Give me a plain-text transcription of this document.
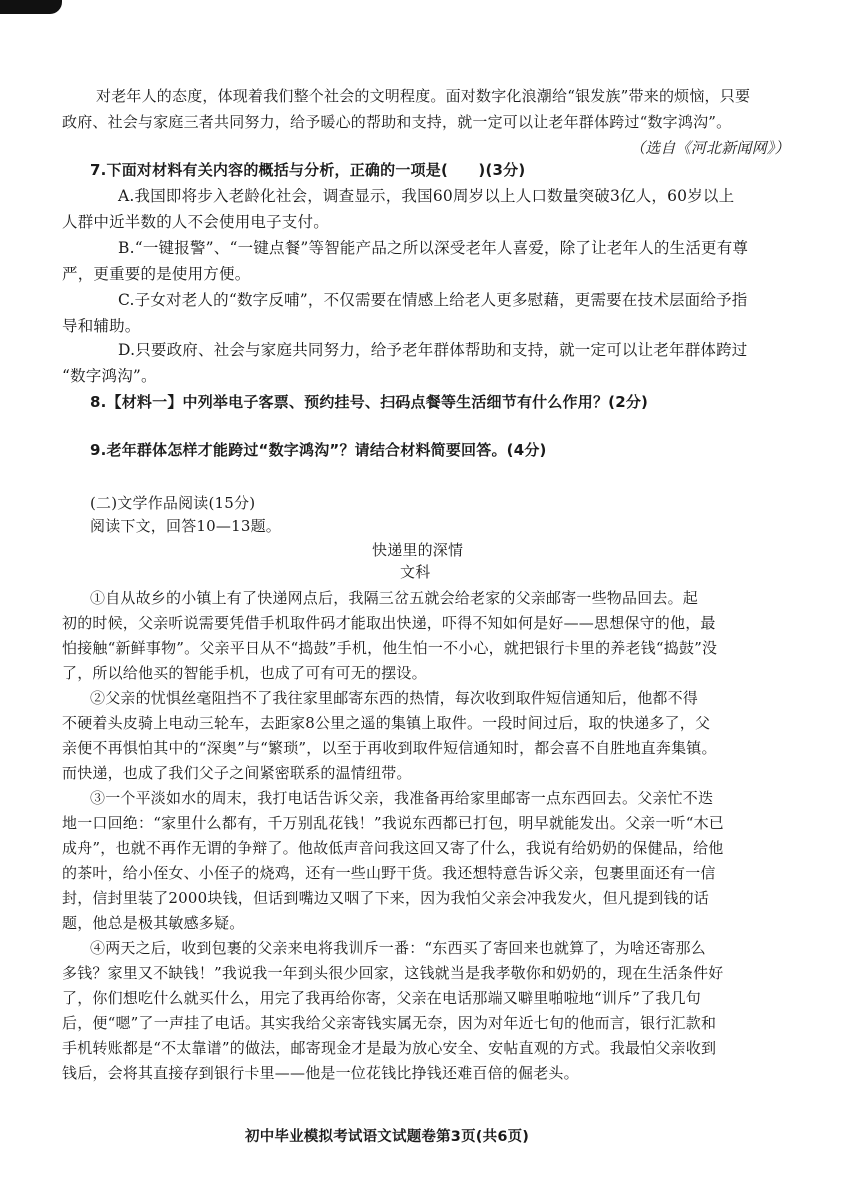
对老年人的态度，体现着我们整个社会的文明程度。面对数字化浪潮给“银发族”带来的烦恼，只要
政府、社会与家庭三者共同努力，给予暖心的帮助和支持，就一定可以让老年群体跨过“数字鸿沟”。
（选自《河北新闻网》）
7.下面对材料有关内容的概括与分析，正确的一项是(　　)(3分)
A.我国即将步入老龄化社会，调查显示，我国60周岁以上人口数量突破3亿人，60岁以上
人群中近半数的人不会使用电子支付。
B.“一键报警”、“一键点餐”等智能产品之所以深受老年人喜爱，除了让老年人的生活更有尊
严，更重要的是使用方便。
C.子女对老人的“数字反哺”，不仅需要在情感上给老人更多慰藉，更需要在技术层面给予指
导和辅助。
D.只要政府、社会与家庭共同努力，给予老年群体帮助和支持，就一定可以让老年群体跨过
“数字鸿沟”。
8.【材料一】中列举电子客票、预约挂号、扫码点餐等生活细节有什么作用？(2分)
9.老年群体怎样才能跨过“数字鸿沟”？请结合材料简要回答。(4分)
(二)文学作品阅读(15分)
阅读下文，回答10—13题。
快递里的深情
文科
①自从故乡的小镇上有了快递网点后，我隔三岔五就会给老家的父亲邮寄一些物品回去。起
初的时候，父亲听说需要凭借手机取件码才能取出快递，吓得不知如何是好——思想保守的他，最
怕接触“新鲜事物”。父亲平日从不“捣鼓”手机，他生怕一不小心，就把银行卡里的养老钱“捣鼓”没
了，所以给他买的智能手机，也成了可有可无的摆设。
②父亲的忧惧丝毫阻挡不了我往家里邮寄东西的热情，每次收到取件短信通知后，他都不得
不硬着头皮骑上电动三轮车，去距家8公里之遥的集镇上取件。一段时间过后，取的快递多了，父
亲便不再惧怕其中的“深奥”与“繁琐”，以至于再收到取件短信通知时，都会喜不自胜地直奔集镇。
而快递，也成了我们父子之间紧密联系的温情纽带。
③一个平淡如水的周末，我打电话告诉父亲，我准备再给家里邮寄一点东西回去。父亲忙不迭
地一口回绝：“家里什么都有，千万别乱花钱！”我说东西都已打包，明早就能发出。父亲一听“木已
成舟”，也就不再作无谓的争辩了。他故低声音问我这回又寄了什么，我说有给奶奶的保健品，给他
的茶叶，给小侄女、小侄子的烧鸡，还有一些山野干货。我还想特意告诉父亲，包裹里面还有一信
封，信封里装了2000块钱，但话到嘴边又咽了下来，因为我怕父亲会冲我发火，但凡提到钱的话
题，他总是极其敏感多疑。
④两天之后，收到包裹的父亲来电将我训斥一番：“东西买了寄回来也就算了，为啥还寄那么
多钱？家里又不缺钱！”我说我一年到头很少回家，这钱就当是我孝敬你和奶奶的，现在生活条件好
了，你们想吃什么就买什么，用完了我再给你寄，父亲在电话那端又噼里啪啦地“训斥”了我几句
后，便“嗯”了一声挂了电话。其实我给父亲寄钱实属无奈，因为对年近七旬的他而言，银行汇款和
手机转账都是“不太靠谱”的做法，邮寄现金才是最为放心安全、安帖直观的方式。我最怕父亲收到
钱后，会将其直接存到银行卡里——他是一位花钱比挣钱还难百倍的倔老头。
初中毕业模拟考试语文试题卷第3页(共6页)
